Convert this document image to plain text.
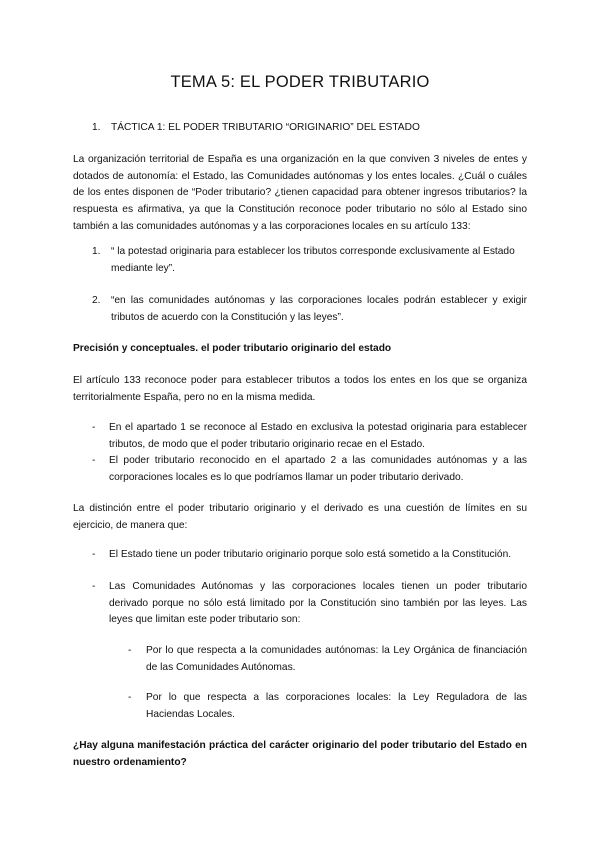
TEMA 5: EL PODER TRIBUTARIO
1. TÁCTICA 1: EL PODER TRIBUTARIO “ORIGINARIO” DEL ESTADO

La organización territorial de España es una organización en la que conviven 3 niveles de entes y dotados de autonomía: el Estado, las Comunidades autónomas y los entes locales. ¿Cuál o cuáles de los entes disponen de “Poder tributario? ¿tienen capacidad para obtener ingresos tributarios? la respuesta es afirmativa, ya que la Constitución reconoce poder tributario no sólo al Estado sino también a las comunidades autónomas y a las corporaciones locales en su artículo 133:

1. “ la potestad originaria para establecer los tributos corresponde exclusivamente al Estado mediante ley”.

2. “en las comunidades autónomas y las corporaciones locales podrán establecer y exigir tributos de acuerdo con la Constitución y las leyes”.

Precisión y conceptuales. el poder tributario originario del estado

El artículo 133 reconoce poder para establecer tributos a todos los entes en los que se organiza territorialmente España, pero no en la misma medida.

- En el apartado 1 se reconoce al Estado en exclusiva la potestad originaria para establecer tributos, de modo que el poder tributario originario recae en el Estado.

- El poder tributario reconocido en el apartado 2 a las comunidades autónomas y a las corporaciones locales es lo que podríamos llamar un poder tributario derivado.

La distinción entre el poder tributario originario y el derivado es una cuestión de límites en su ejercicio, de manera que:

- El Estado tiene un poder tributario originario porque solo está sometido a la Constitución.

- Las Comunidades Autónomas y las corporaciones locales tienen un poder tributario derivado porque no sólo está limitado por la Constitución sino también por las leyes. Las leyes que limitan este poder tributario son:

- Por lo que respecta a la comunidades autónomas: la Ley Orgánica de financiación de las Comunidades Autónomas.

- Por lo que respecta a las corporaciones locales: la Ley Reguladora de las Haciendas Locales.

¿Hay alguna manifestación práctica del carácter originario del poder tributario del Estado en nuestro ordenamiento?
